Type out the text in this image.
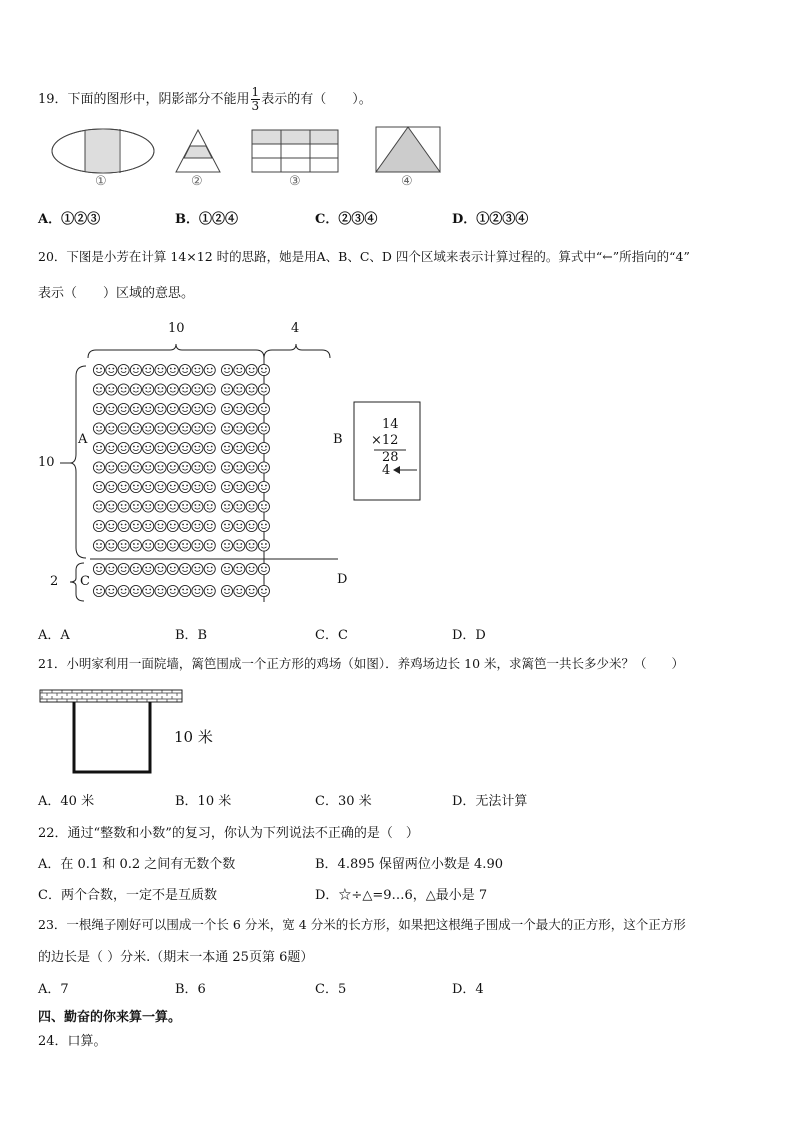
19．下面的图形中，阴影部分不能用 $\frac{1}{3}$ 表示的有（　　）。
①	②	③	④
A．①②③	B．①②④	C．②③④	D．①②③④
20．下图是小芳在计算 14×12 时的思路，她是用A、B、C、D 四个区域来表示计算过程的。算式中“←”所指向的“4”
表示（　　）区域的意思。
10	4
10
2
A	B
C	D
14
×12
28
4
A．A	B．B	C．C	D．D
21．小明家利用一面院墙，篱笆围成一个正方形的鸡场（如图）．养鸡场边长 10 米，求篱笆一共长多少米？（　　）
10 米
A．40 米	B．10 米	C．30 米	D．无法计算
22．通过“整数和小数”的复习，你认为下列说法不正确的是（　）
A．在 0.1 和 0.2 之间有无数个数	B．4.895 保留两位小数是 4.90
C．两个合数，一定不是互质数	D．☆÷△=9…6，△最小是 7
23．一根绳子刚好可以围成一个长 6 分米，宽 4 分米的长方形，如果把这根绳子围成一个最大的正方形，这个正方形
的边长是（ ）分米.（期末一本通 25页第 6题）
A．7	B．6	C．5	D．4
四、勤奋的你来算一算。
24．口算。
